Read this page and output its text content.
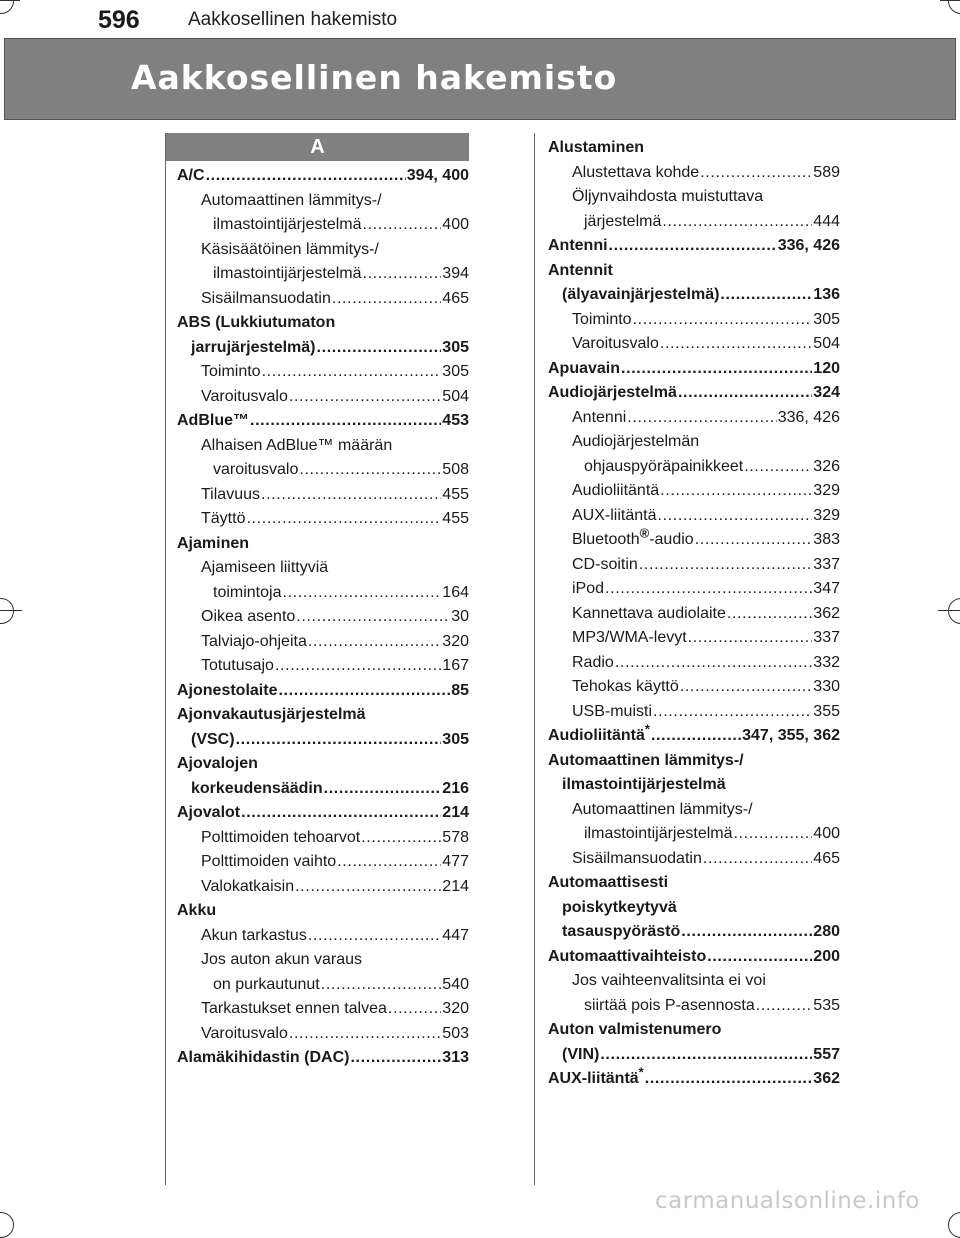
596	Aakkosellinen hakemisto
Aakkosellinen hakemisto
A
A/C . . .	394, 400
Automaattinen lämmitys-/
ilmastointijärjestelmä . . .	400
Käsisäätöinen lämmitys-/
ilmastointijärjestelmä . . .	394
Sisäilmansuodatin . . .	465
ABS (Lukkiutumaton
jarrujärjestelmä) . . .	305
Toiminto . . .	305
Varoitusvalo . . .	504
AdBlue™ . . .	453
Alhaisen AdBlue™ määrän
varoitusvalo . . .	508
Tilavuus . . .	455
Täyttö . . .	455
Ajaminen
Ajamiseen liittyviä
toimintoja . . .	164
Oikea asento . . .	30
Talviajo-ohjeita . . .	320
Totutusajo . . .	167
Ajonestolaite . . .	85
Ajonvakautusjärjestelmä
(VSC) . . .	305
Ajovalojen
korkeudensäädin . . .	216
Ajovalot . . .	214
Polttimoiden tehoarvot . . .	578
Polttimoiden vaihto . . .	477
Valokatkaisin . . .	214
Akku
Akun tarkastus . . .	447
Jos auton akun varaus
on purkautunut . . .	540
Tarkastukset ennen talvea . . .	320
Varoitusvalo . . .	503
Alamäkihidastin (DAC) . . .	313
Alustaminen
Alustettava kohde . . .	589
Öljynvaihdosta muistuttava
järjestelmä . . .	444
Antenni . . .	336, 426
Antennit
(älyavainjärjestelmä) . . .	136
Toiminto . . .	305
Varoitusvalo . . .	504
Apuavain . . .	120
Audiojärjestelmä . . .	324
Antenni . . .	336, 426
Audiojärjestelmän
ohjauspyöräpainikkeet . . .	326
Audioliitäntä . . .	329
AUX-liitäntä . . .	329
Bluetooth®-audio . . .	383
CD-soitin . . .	337
iPod . . .	347
Kannettava audiolaite . . .	362
MP3/WMA-levyt . . .	337
Radio . . .	332
Tehokas käyttö . . .	330
USB-muisti . . .	355
Audioliitäntä* . . .	347, 355, 362
Automaattinen lämmitys-/
ilmastointijärjestelmä
Automaattinen lämmitys-/
ilmastointijärjestelmä . . .	400
Sisäilmansuodatin . . .	465
Automaattisesti
poiskytkeytyvä
tasauspyörästö . . .	280
Automaattivaihteisto . . .	200
Jos vaihteenvalitsinta ei voi
siirtää pois P-asennosta . . .	535
Auton valmistenumero
(VIN) . . .	557
AUX-liitäntä* . . .	362
carmanualsonline.info
